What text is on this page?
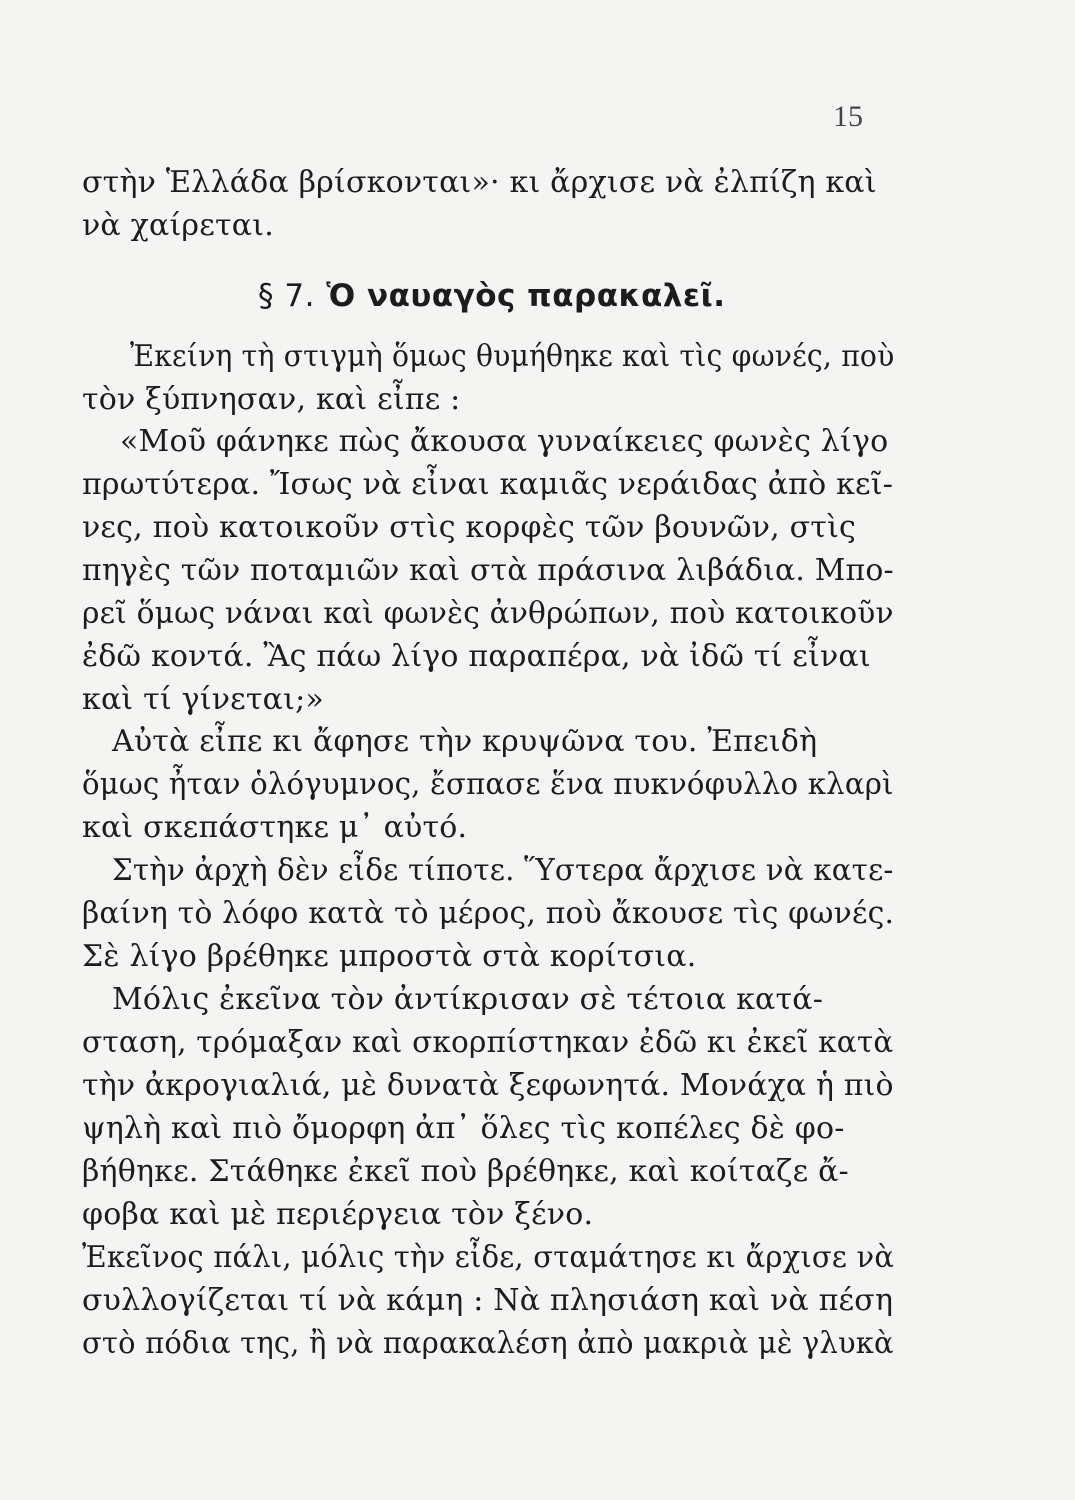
15
στὴν Ἑλλάδα βρίσκονται»· κι ἄρχισε νὰ ἐλπίζη καὶ
νὰ χαίρεται.
§ 7. Ὁ ναυαγὸς παρακαλεῖ.
Ἐκείνη τὴ στιγμὴ ὅμως θυμήθηκε καὶ τὶς φωνές, ποὺ
τὸν ξύπνησαν, καὶ εἶπε :
«Μοῦ φάνηκε πὼς ἄκουσα γυναίκειες φωνὲς λίγο
πρωτύτερα. Ἴσως νὰ εἶναι καμιᾶς νεράιδας ἀπὸ κεῖ-
νες, ποὺ κατοικοῦν στὶς κορφὲς τῶν βουνῶν, στὶς
πηγὲς τῶν ποταμιῶν καὶ στὰ πράσινα λιβάδια. Μπο-
ρεῖ ὅμως νάναι καὶ φωνὲς ἀνθρώπων, ποὺ κατοικοῦν
ἐδῶ κοντά. Ἂς πάω λίγο παραπέρα, νὰ ἰδῶ τί εἶναι
καὶ τί γίνεται;»
Αὐτὰ εἶπε κι ἄφησε τὴν κρυψῶνα του. Ἐπειδὴ
ὅμως ἦταν ὁλόγυμνος, ἔσπασε ἕνα πυκνόφυλλο κλαρὶ
καὶ σκεπάστηκε μ᾽ αὐτό.
Στὴν ἀρχὴ δὲν εἶδε τίποτε. Ὕστερα ἄρχισε νὰ κατε-
βαίνη τὸ λόφο κατὰ τὸ μέρος, ποὺ ἄκουσε τὶς φωνές.
Σὲ λίγο βρέθηκε μπροστὰ στὰ κορίτσια.
Μόλις ἐκεῖνα τὸν ἀντίκρισαν σὲ τέτοια κατά-
σταση, τρόμαξαν καὶ σκορπίστηκαν ἐδῶ κι ἐκεῖ κατὰ
τὴν ἀκρογιαλιά, μὲ δυνατὰ ξεφωνητά. Μονάχα ἡ πιὸ
ψηλὴ καὶ πιὸ ὄμορφη ἀπ᾽ ὅλες τὶς κοπέλες δὲ φο-
βήθηκε. Στάθηκε ἐκεῖ ποὺ βρέθηκε, καὶ κοίταζε ἄ-
φοβα καὶ μὲ περιέργεια τὸν ξένο.
Ἐκεῖνος πάλι, μόλις τὴν εἶδε, σταμάτησε κι ἄρχισε νὰ
συλλογίζεται τί νὰ κάμη : Νὰ πλησιάση καὶ νὰ πέση
στὸ πόδια της, ἢ νὰ παρακαλέση ἀπὸ μακριὰ μὲ γλυκὰ
